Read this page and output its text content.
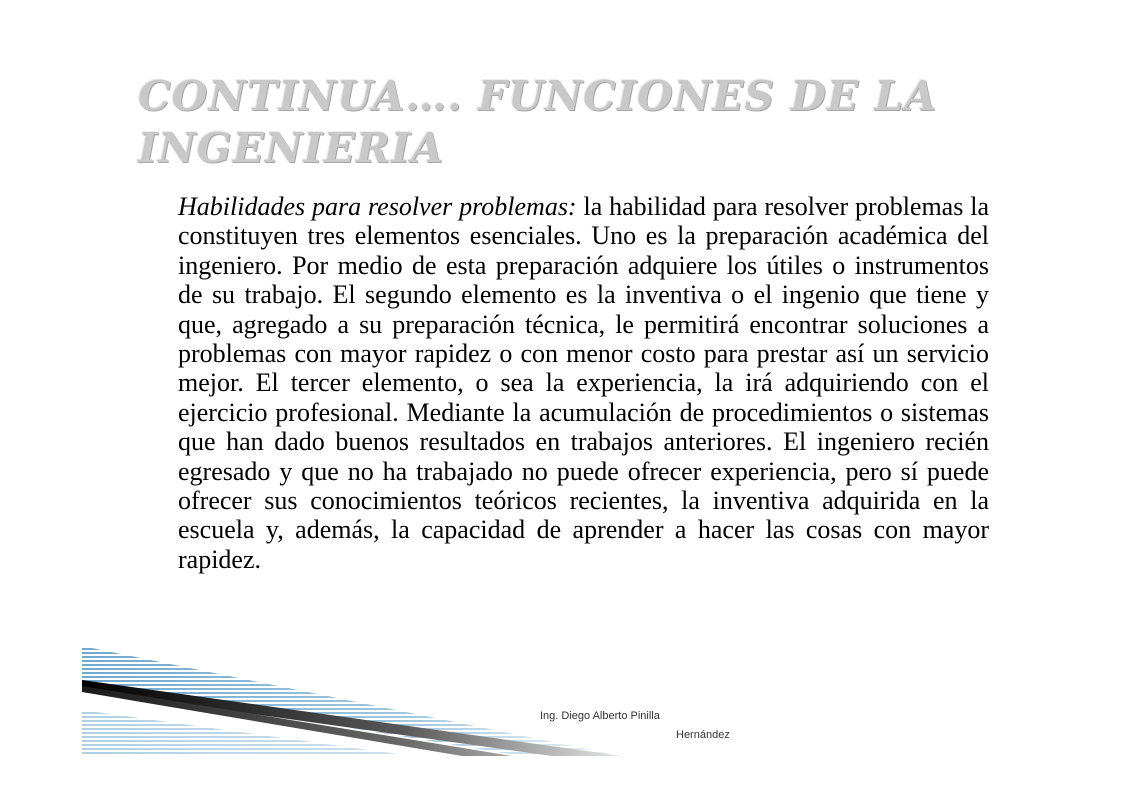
CONTINUA…. FUNCIONES DE LA INGENIERIA

Habilidades para resolver problemas: la habilidad para resolver problemas la constituyen tres elementos esenciales. Uno es la preparación académica del ingeniero. Por medio de esta preparación adquiere los útiles o instrumentos de su trabajo. El segundo elemento es la inventiva o el ingenio que tiene y que, agregado a su preparación técnica, le permitirá encontrar soluciones a problemas con mayor rapidez o con menor costo para prestar así un servicio mejor. El tercer elemento, o sea la experiencia, la irá adquiriendo con el ejercicio profesional. Mediante la acumulación de procedimientos o sistemas que han dado buenos resultados en trabajos anteriores. El ingeniero recién egresado y que no ha trabajado no puede ofrecer experiencia, pero sí puede ofrecer sus conocimientos teóricos recientes, la inventiva adquirida en la escuela y, además, la capacidad de aprender a hacer las cosas con mayor rapidez.

Ing. Diego Alberto Pinilla
Hernández
